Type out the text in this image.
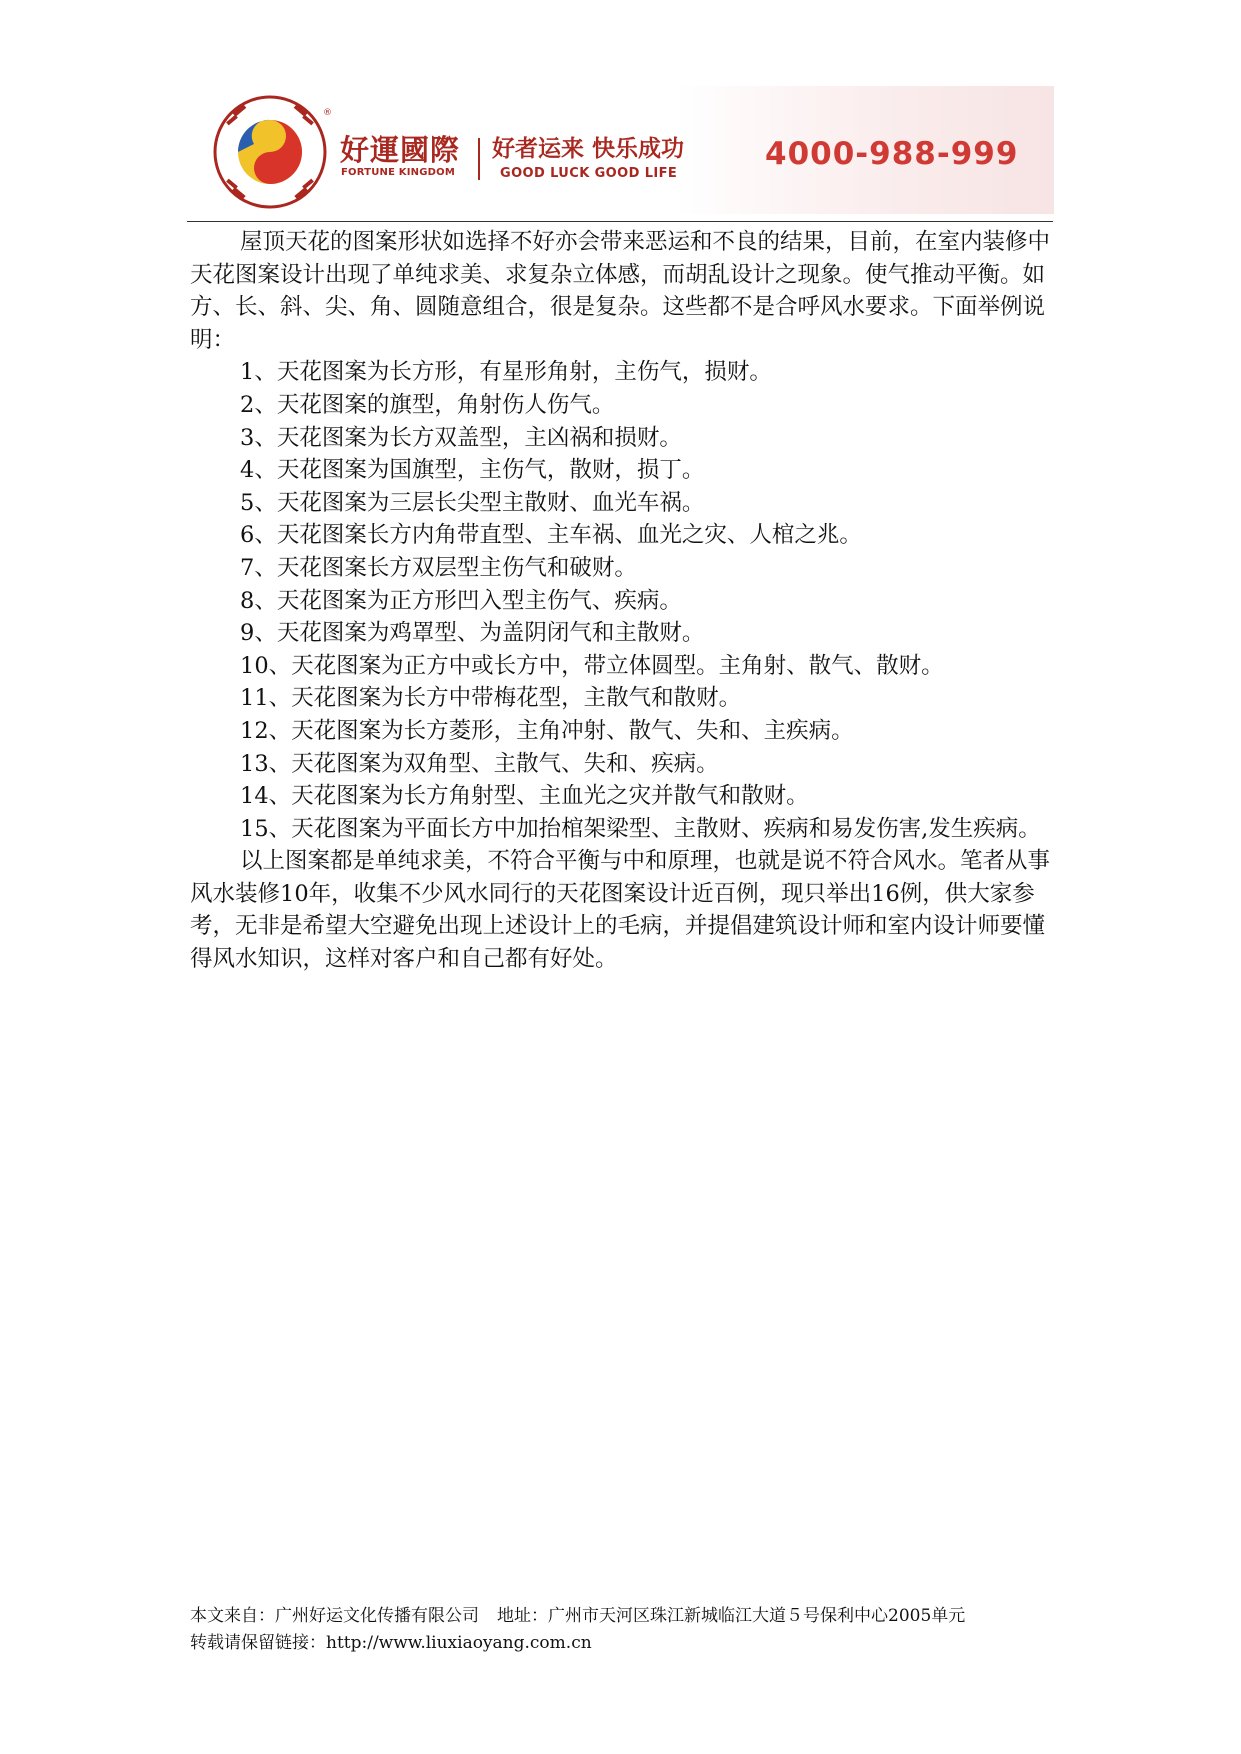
®
好運國際
FORTUNE KINGDOM
好者运来 快乐成功
GOOD LUCK GOOD LIFE
4000-988-999

屋顶天花的图案形状如选择不好亦会带来恶运和不良的结果，目前，在室内装修中天花图案设计出现了单纯求美、求复杂立体感，而胡乱设计之现象。使气推动平衡。如方、长、斜、尖、角、圆随意组合，很是复杂。这些都不是合呼风水要求。下面举例说明：

1、天花图案为长方形，有星形角射，主伤气，损财。

2、天花图案的旗型，角射伤人伤气。

3、天花图案为长方双盖型，主凶祸和损财。

4、天花图案为国旗型，主伤气，散财，损丁。

5、天花图案为三层长尖型主散财、血光车祸。

6、天花图案长方内角带直型、主车祸、血光之灾、人棺之兆。

7、天花图案长方双层型主伤气和破财。

8、天花图案为正方形凹入型主伤气、疾病。

9、天花图案为鸡罩型、为盖阴闭气和主散财。

10、天花图案为正方中或长方中，带立体圆型。主角射、散气、散财。

11、天花图案为长方中带梅花型，主散气和散财。

12、天花图案为长方菱形，主角冲射、散气、失和、主疾病。

13、天花图案为双角型、主散气、失和、疾病。

14、天花图案为长方角射型、主血光之灾并散气和散财。

15、天花图案为平面长方中加抬棺架梁型、主散财、疾病和易发伤害,发生疾病。

以上图案都是单纯求美，不符合平衡与中和原理，也就是说不符合风水。笔者从事风水装修10年，收集不少风水同行的天花图案设计近百例，现只举出16例，供大家参考，无非是希望大空避免出现上述设计上的毛病，并提倡建筑设计师和室内设计师要懂得风水知识，这样对客户和自己都有好处。

本文来自：广州好运文化传播有限公司 地址：广州市天河区珠江新城临江大道５号保利中心2005单元
转载请保留链接：http://www.liuxiaoyang.com.cn
